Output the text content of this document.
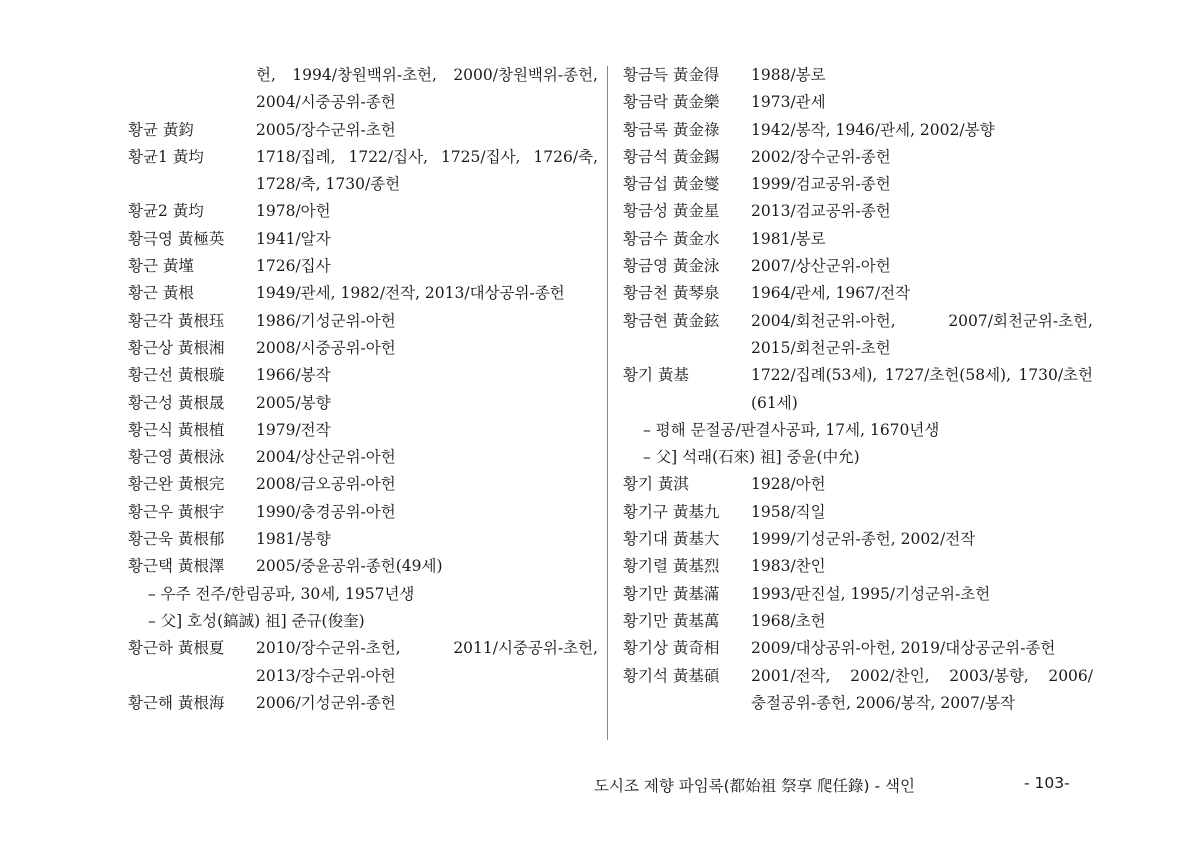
헌, 1994/창원백위-초헌, 2000/창원백위-종헌, 2004/시중공위-종헌
황균 黃鈞	2005/장수군위-초헌
황균1 黃均	1718/집례, 1722/집사, 1725/집사, 1726/축, 1728/축, 1730/종헌
황균2 黃均	1978/아헌
황극영 黃極英	1941/알자
황근 黃墐	1726/집사
황근 黃根	1949/관세, 1982/전작, 2013/대상공위-종헌
황근각 黃根珏	1986/기성군위-아헌
황근상 黃根湘	2008/시중공위-아헌
황근선 黃根璇	1966/봉작
황근성 黃根晟	2005/봉향
황근식 黃根植	1979/전작
황근영 黃根泳	2004/상산군위-아헌
황근완 黃根完	2008/금오공위-아헌
황근우 黃根宇	1990/충경공위-아헌
황근욱 黃根郁	1981/봉향
황근택 黃根澤	2005/중윤공위-종헌(49세)
– 우주 전주/한림공파, 30세, 1957년생
– 父] 호성(鎬誠) 祖] 준규(俊奎)
황근하 黃根夏	2010/장수군위-초헌, 2011/시중공위-초헌, 2013/장수군위-아헌
황근해 黃根海	2006/기성군위-종헌
황금득 黃金得	1988/봉로
황금락 黃金樂	1973/관세
황금록 黃金祿	1942/봉작, 1946/관세, 2002/봉향
황금석 黃金錫	2002/장수군위-종헌
황금섭 黃金燮	1999/검교공위-종헌
황금성 黃金星	2013/검교공위-종헌
황금수 黃金水	1981/봉로
황금영 黃金泳	2007/상산군위-아헌
황금천 黃琴泉	1964/관세, 1967/전작
황금현 黃金鉉	2004/회천군위-아헌, 2007/회천군위-초헌, 2015/회천군위-초헌
황기 黃基	1722/집례(53세), 1727/초헌(58세), 1730/초헌(61세)
– 평해 문절공/판결사공파, 17세, 1670년생
– 父] 석래(石來) 祖] 중윤(中允)
황기 黃淇	1928/아헌
황기구 黃基九	1958/직일
황기대 黃基大	1999/기성군위-종헌, 2002/전작
황기렬 黃基烈	1983/찬인
황기만 黃基滿	1993/판진설, 1995/기성군위-초헌
황기만 黃基萬	1968/초헌
황기상 黃奇相	2009/대상공위-아헌, 2019/대상공군위-종헌
황기석 黃基碩	2001/전작, 2002/찬인, 2003/봉향, 2006/충절공위-종헌, 2006/봉작, 2007/봉작
도시조 제향 파임록(都始祖 祭享 爬任錄) - 색인	- 103-
